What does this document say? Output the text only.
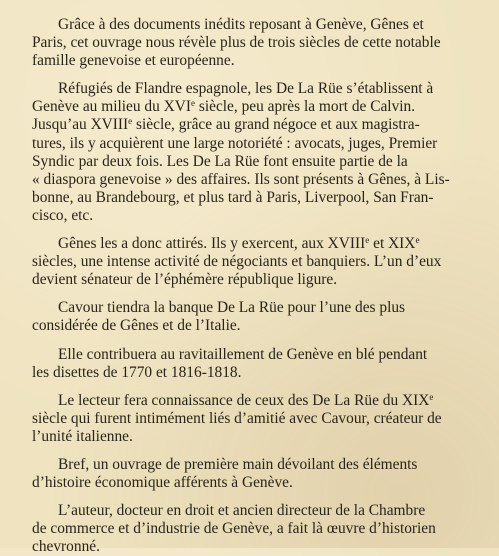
Grâce à des documents inédits reposant à Genève, Gênes et
Paris, cet ouvrage nous révèle plus de trois siècles de cette notable
famille genevoise et européenne.

Réfugiés de Flandre espagnole, les De La Rüe s’établissent à
Genève au milieu du XVIe siècle, peu après la mort de Calvin.
Jusqu’au XVIIIe siècle, grâce au grand négoce et aux magistra-
tures, ils y acquièrent une large notoriété : avocats, juges, Premier
Syndic par deux fois. Les De La Rüe font ensuite partie de la
« diaspora genevoise » des affaires. Ils sont présents à Gênes, à Lis-
bonne, au Brandebourg, et plus tard à Paris, Liverpool, San Fran-
cisco, etc.

Gênes les a donc attirés. Ils y exercent, aux XVIIIe et XIXe
siècles, une intense activité de négociants et banquiers. L’un d’eux
devient sénateur de l’éphémère république ligure.

Cavour tiendra la banque De La Rüe pour l’une des plus
considérée de Gênes et de l’Italie.

Elle contribuera au ravitaillement de Genève en blé pendant
les disettes de 1770 et 1816-1818.

Le lecteur fera connaissance de ceux des De La Rüe du XIXe
siècle qui furent intimément liés d’amitié avec Cavour, créateur de
l’unité italienne.

Bref, un ouvrage de première main dévoilant des éléments
d’histoire économique afférents à Genève.

L’auteur, docteur en droit et ancien directeur de la Chambre
de commerce et d’industrie de Genève, a fait là œuvre d’historien
chevronné.
